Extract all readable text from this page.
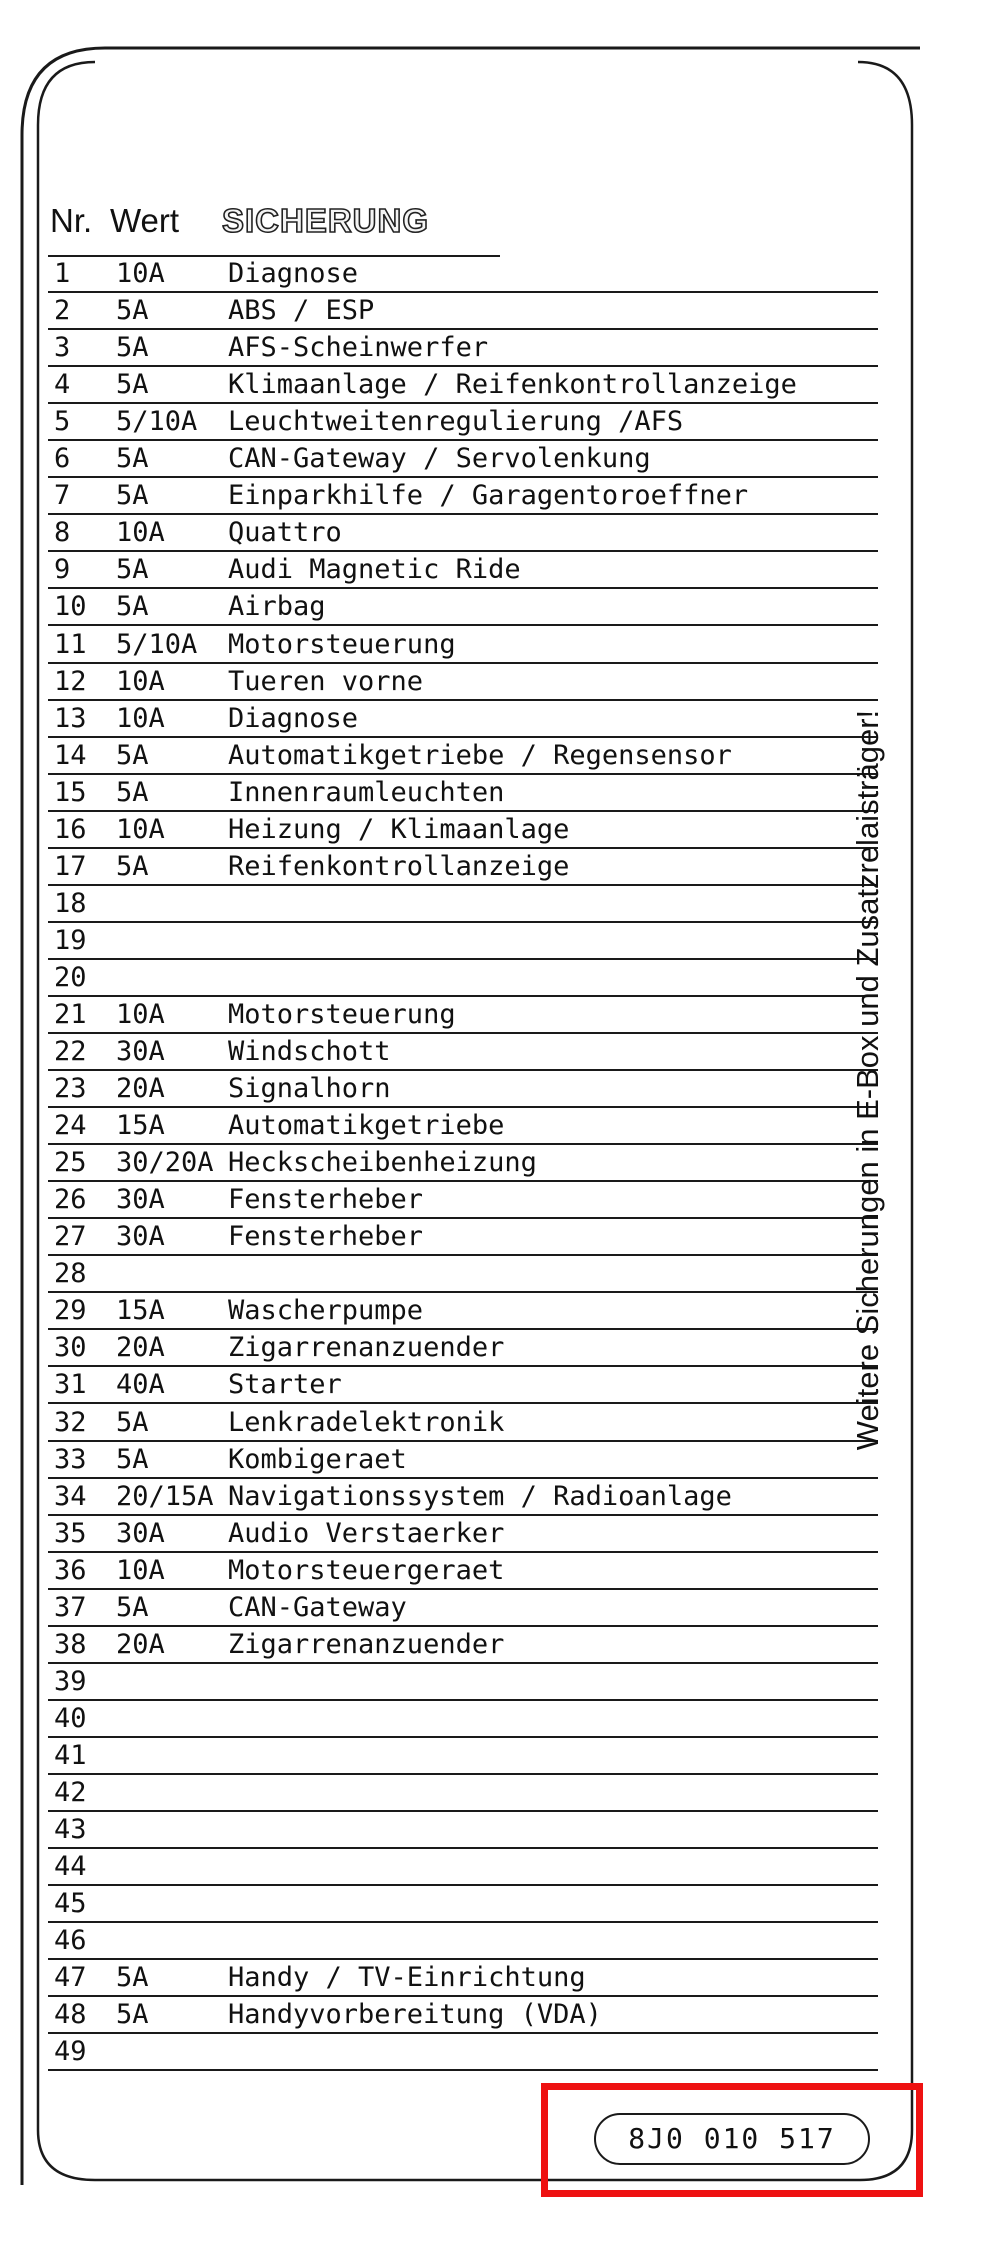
Nr. Wert SICHERUNG
1 10A Diagnose
2 5A	ABS / ESP
3 5A	AFS-Scheinwerfer
4 5A	Klimaanlage / Reifenkontrollanzeige
5 5/10A Leuchtweitenregulierung /AFS
6 5A	CAN-Gateway / Servolenkung
7 5A	Einparkhilfe / Garagentoroeffner
8 10A Quattro
9 5A	Audi Magnetic Ride
10 5A	Airbag
11 5/10A Motorsteuerung
12 10A Tueren vorne
13 10A Diagnose
14 5A	Automatikgetriebe / Regensensor
15 5A	Innenraumleuchten
16 10A Heizung / Klimaanlage
17 5A	Reifenkontrollanzeige
18
19
20
21 10A Motorsteuerung
22 30A Windschott
23 20A Signalhorn
24 15A Automatikgetriebe
25 30/20A Heckscheibenheizung
26 30A Fensterheber
27 30A Fensterheber
28
29 15A Wascherpumpe
30 20A Zigarrenanzuender
31 40A Starter
32 5A	Lenkradelektronik
33 5A	Kombigeraet
34 20/15A Navigationssystem / Radioanlage
35 30A Audio Verstaerker
36 10A Motorsteuergeraet
37 5A	CAN-Gateway
38 20A Zigarrenanzuender
39
40
41
42
43
44
45
46
47 5A	Handy / TV-Einrichtung
48 5A	Handyvorbereitung (VDA)
49
Weitere Sicherungen in E-Box und Zusatzrelaisträger!
8J0 010 517
